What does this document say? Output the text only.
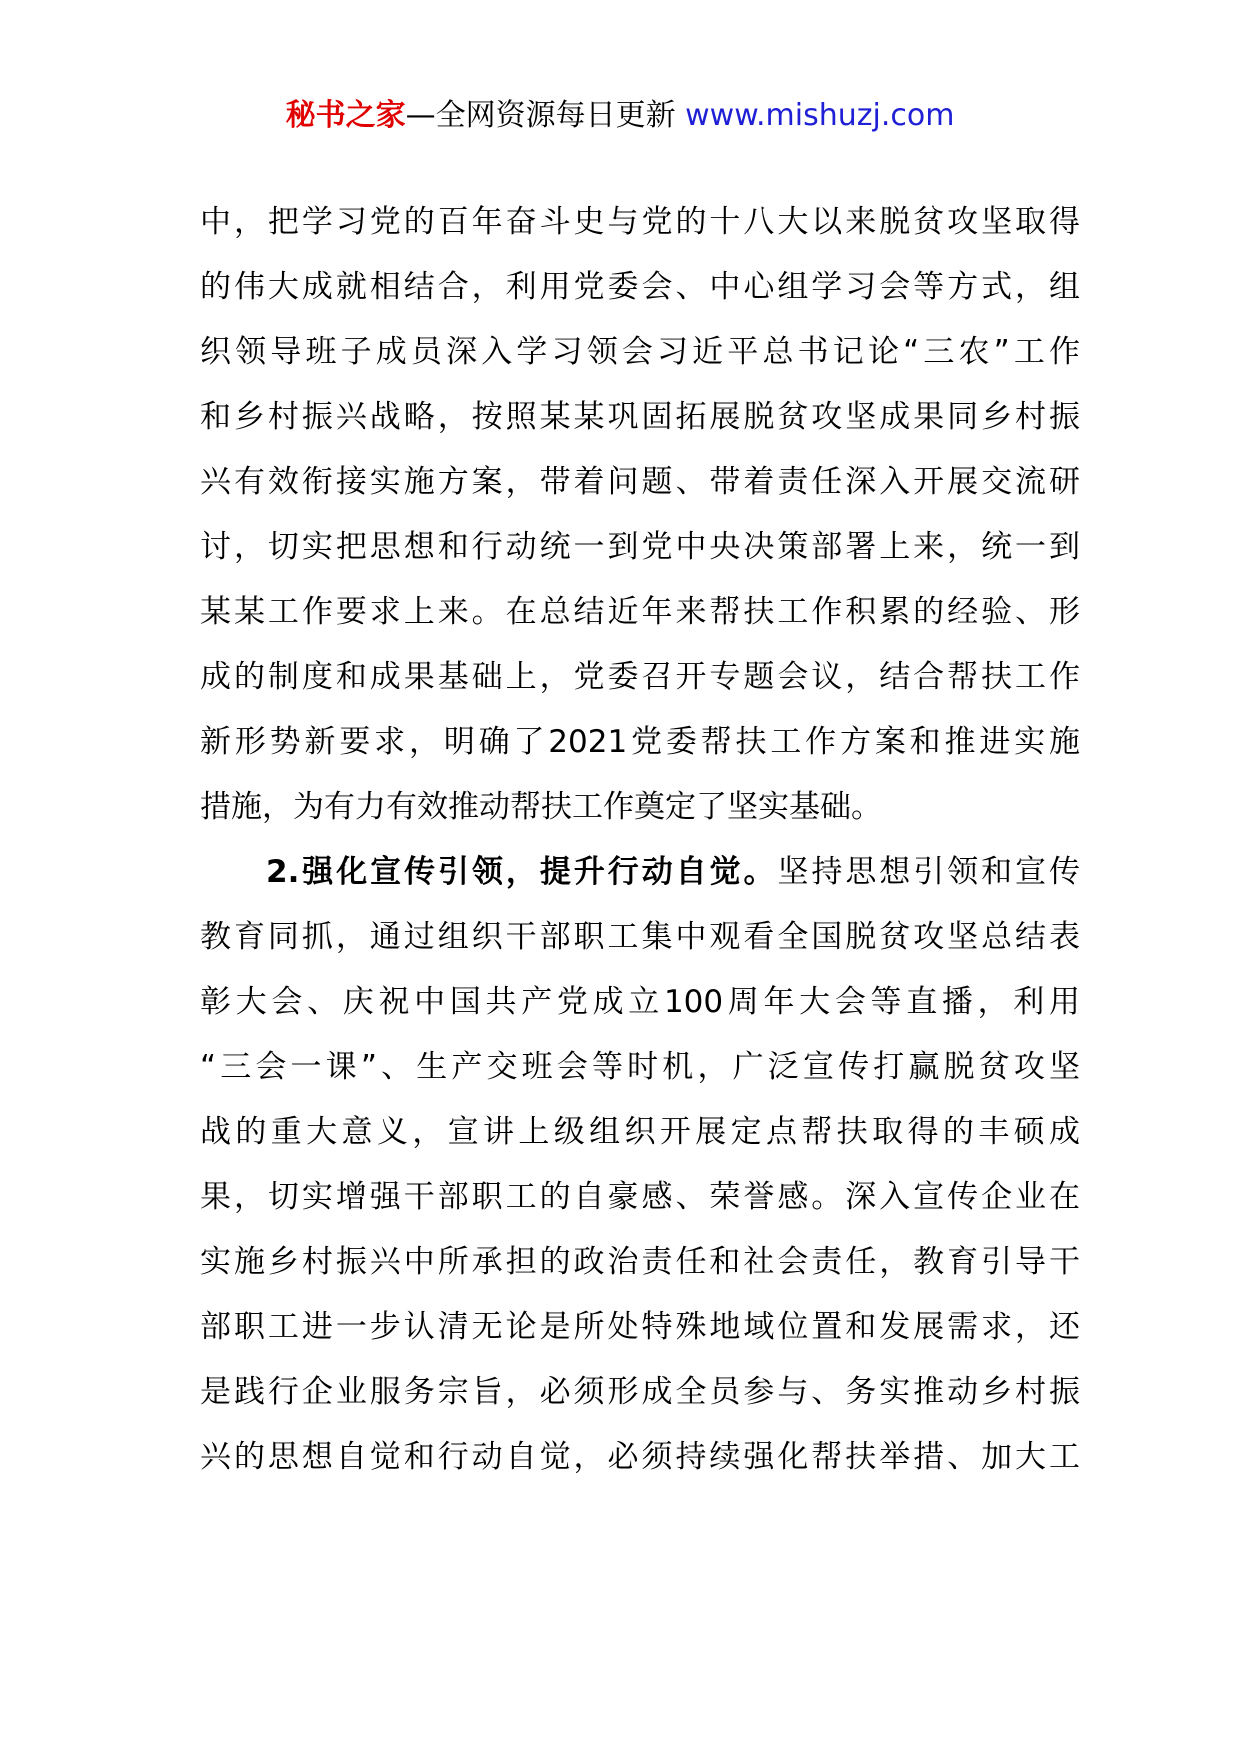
秘书之家—全网资源每日更新 www.mishuzj.com
中，把学习党的百年奋斗史与党的十八大以来脱贫攻坚取得
的伟大成就相结合，利用党委会、中心组学习会等方式，组
织领导班子成员深入学习领会习近平总书记论“三农”工作
和乡村振兴战略，按照某某巩固拓展脱贫攻坚成果同乡村振
兴有效衔接实施方案，带着问题、带着责任深入开展交流研
讨，切实把思想和行动统一到党中央决策部署上来，统一到
某某工作要求上来。在总结近年来帮扶工作积累的经验、形
成的制度和成果基础上，党委召开专题会议，结合帮扶工作
新形势新要求，明确了2021党委帮扶工作方案和推进实施
措施，为有力有效推动帮扶工作奠定了坚实基础。
2.强化宣传引领，提升行动自觉。坚持思想引领和宣传
教育同抓，通过组织干部职工集中观看全国脱贫攻坚总结表
彰大会、庆祝中国共产党成立100周年大会等直播，利用
“三会一课”、生产交班会等时机，广泛宣传打赢脱贫攻坚
战的重大意义，宣讲上级组织开展定点帮扶取得的丰硕成
果，切实增强干部职工的自豪感、荣誉感。深入宣传企业在
实施乡村振兴中所承担的政治责任和社会责任，教育引导干
部职工进一步认清无论是所处特殊地域位置和发展需求，还
是践行企业服务宗旨，必须形成全员参与、务实推动乡村振
兴的思想自觉和行动自觉，必须持续强化帮扶举措、加大工
